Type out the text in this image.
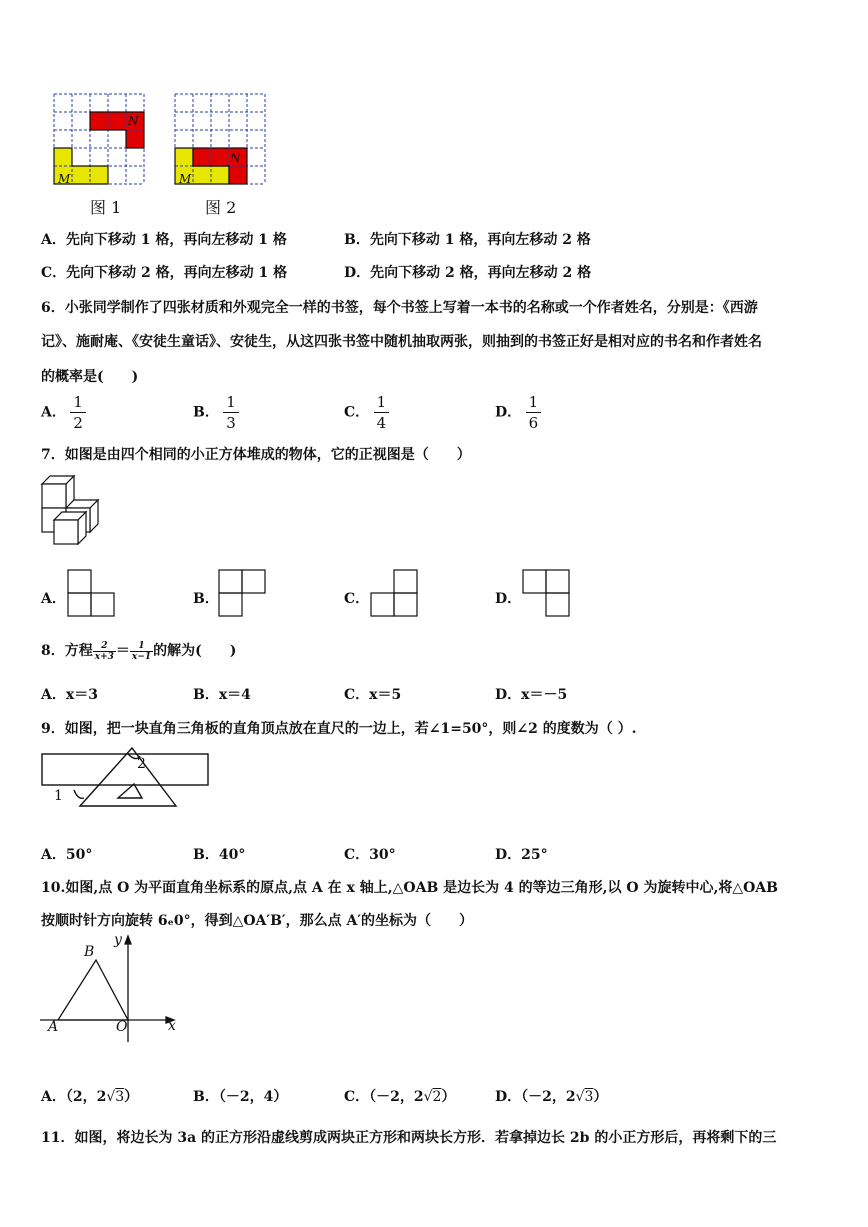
N
M
N
M
图 1	图 2
A．先向下移动 1 格，再向左移动 1 格	B．先向下移动 1 格，再向左移动 2 格
C．先向下移动 2 格，再向左移动 1 格	D．先向下移动 2 格，再向左移动 2 格
6．小张同学制作了四张材质和外观完全一样的书签，每个书签上写着一本书的名称或一个作者姓名，分别是：《西游
记》、施耐庵、《安徒生童话》、安徒生，从这四张书签中随机抽取两张，则抽到的书签正好是相对应的书名和作者姓名
的概率是(　　)
A． $\frac{1}{2}$	B． $\frac{1}{3}$	C． $\frac{1}{4}$	D． $\frac{1}{6}$
7．如图是由四个相同的小正方体堆成的物体，它的正视图是（　　）
A．	B．	C．	D．
8．方程 $\frac{2}{x+3} = \frac{1}{x-1}$ 的解为(　　)
A．x＝3	B．x＝4	C．x＝5	D．x＝－5
9．如图，把一块直角三角板的直角顶点放在直尺的一边上，若∠1=50°，则∠2 的度数为（ ）.
1
2
A．50°	B．40°	C．30°	D．25°
10.如图,点 O 为平面直角坐标系的原点,点 A 在 x 轴上,△OAB 是边长为 4 的等边三角形,以 O 为旋转中心,将△OAB
按顺时针方向旋转 6ₑ0°，得到△OA′B′，那么点 A′的坐标为（　　）
B
y
A	O	x
A．（2，2√3）	B．（－2，4）	C．（－2，2√2）	D．（－2，2√3）
11．如图，将边长为 3a 的正方形沿虚线剪成两块正方形和两块长方形．若拿掉边长 2b 的小正方形后，再将剩下的三
